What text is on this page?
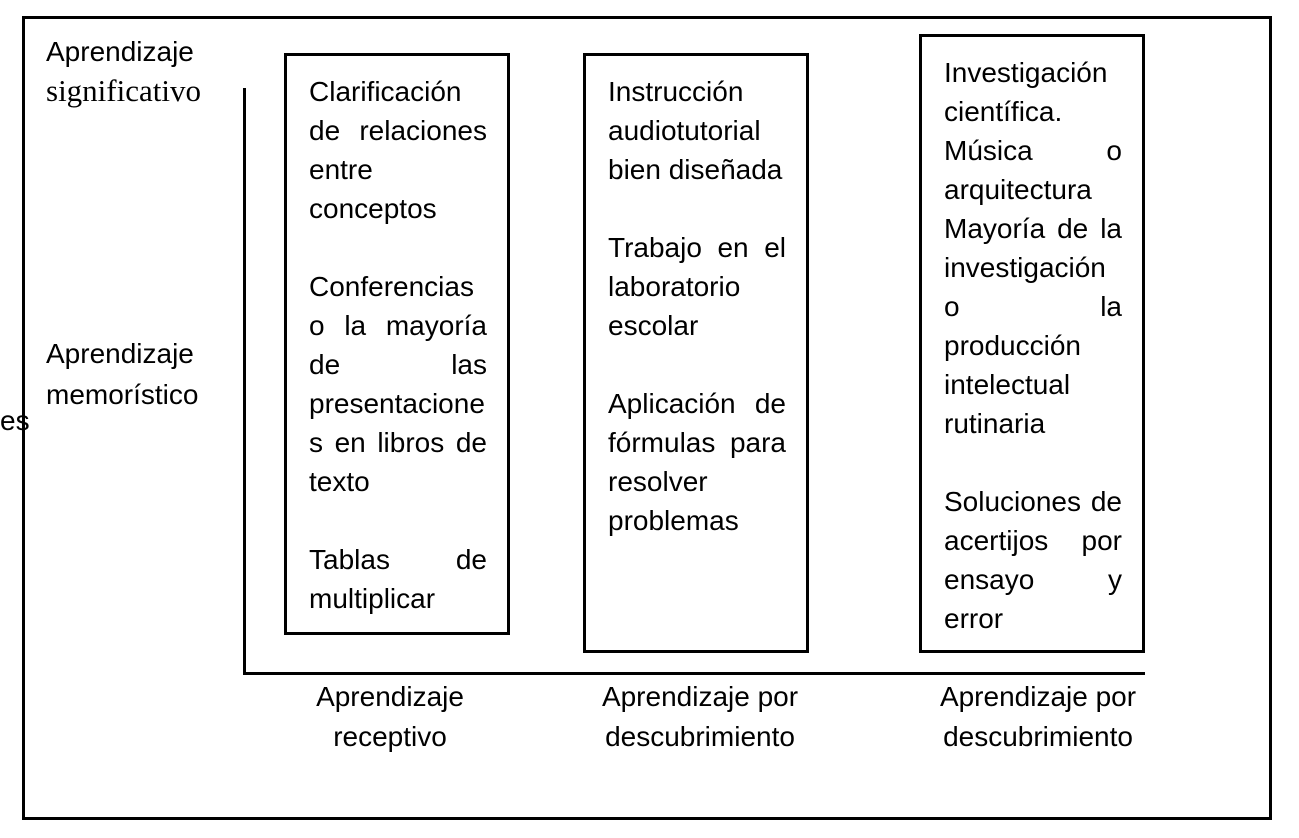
es
Aprendizaje
significativo
Aprendizaje
memorístico

Clarificación de relaciones entre conceptos

Conferencias o la mayoría de las presentacione s en libros de texto

Tablas de multiplicar

Instrucción audiotutorial bien diseñada

Trabajo en el laboratorio escolar

Aplicación de fórmulas para resolver problemas

Investigación científica.

Música o arquitectura

Mayoría de la investigación o la producción intelectual rutinaria

Soluciones de acertijos por ensayo y error

Aprendizaje
receptivo
Aprendizaje por
descubrimiento
Aprendizaje por
descubrimiento
